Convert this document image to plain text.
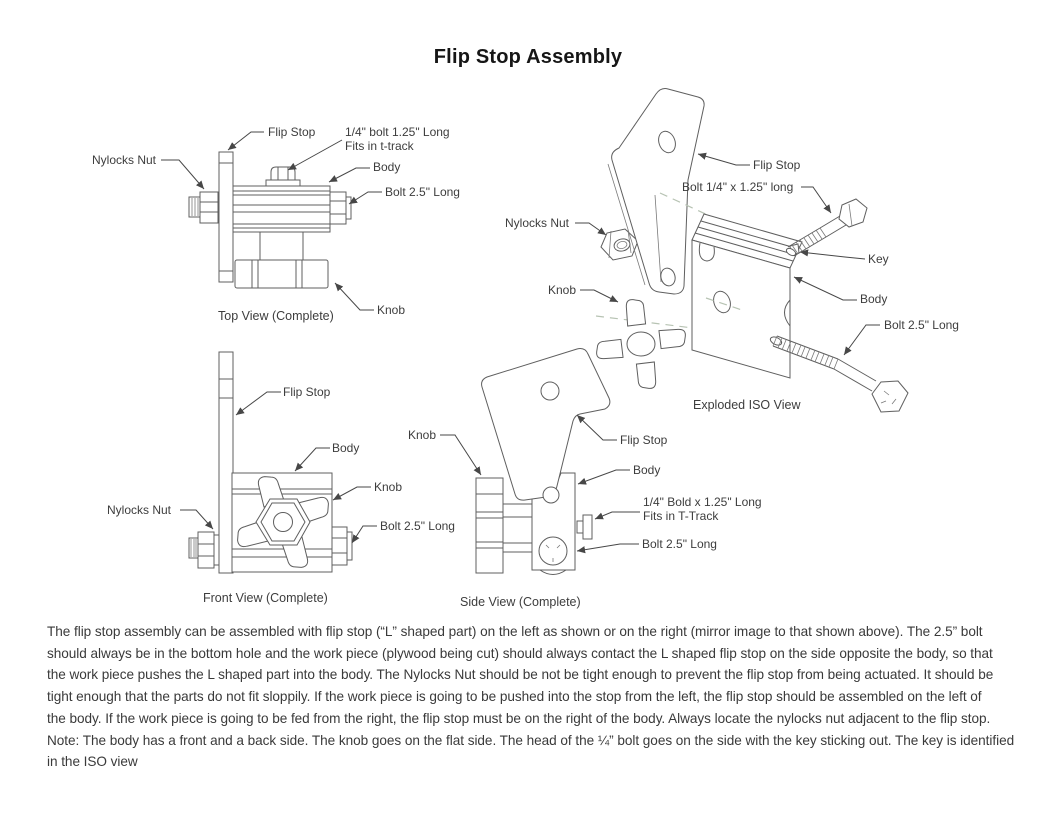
Flip Stop Assembly
Nylocks Nut
Flip Stop 1/4" bolt 1.25" Long
Fits in t-track
Body
Bolt 2.5" Long
Knob
Top View (Complete)
Flip Stop
Body
Knob
Nylocks Nut
Bolt 2.5" Long
Front View (Complete)
Knob	Flip Stop
Body
1/4" Bold x 1.25" Long
Fits in T-Track
Bolt 2.5" Long
Side View (Complete)
Flip Stop
Bolt 1/4" x 1.25" long
Nylocks Nut
Key
Knob
Body
Bolt 2.5" Long
Exploded ISO View
The flip stop assembly can be assembled with flip stop (“L” shaped part) on the left as shown or on the right (mirror image to that shown above). The 2.5” bolt
should always be in the bottom hole and the work piece (plywood being cut) should always contact the L shaped flip stop on the side opposite the body, so that
the work piece pushes the L shaped part into the body. The Nylocks Nut should be not be tight enough to prevent the flip stop from being actuated. It should be
tight enough that the parts do not fit sloppily. If the work piece is going to be pushed into the stop from the left, the flip stop should be assembled on the left of
the body. If the work piece is going to be fed from the right, the flip stop must be on the right of the body. Always locate the nylocks nut adjacent to the flip stop.
Note: The body has a front and a back side. The knob goes on the flat side. The head of the ¼” bolt goes on the side with the key sticking out. The key is identified
in the ISO view
